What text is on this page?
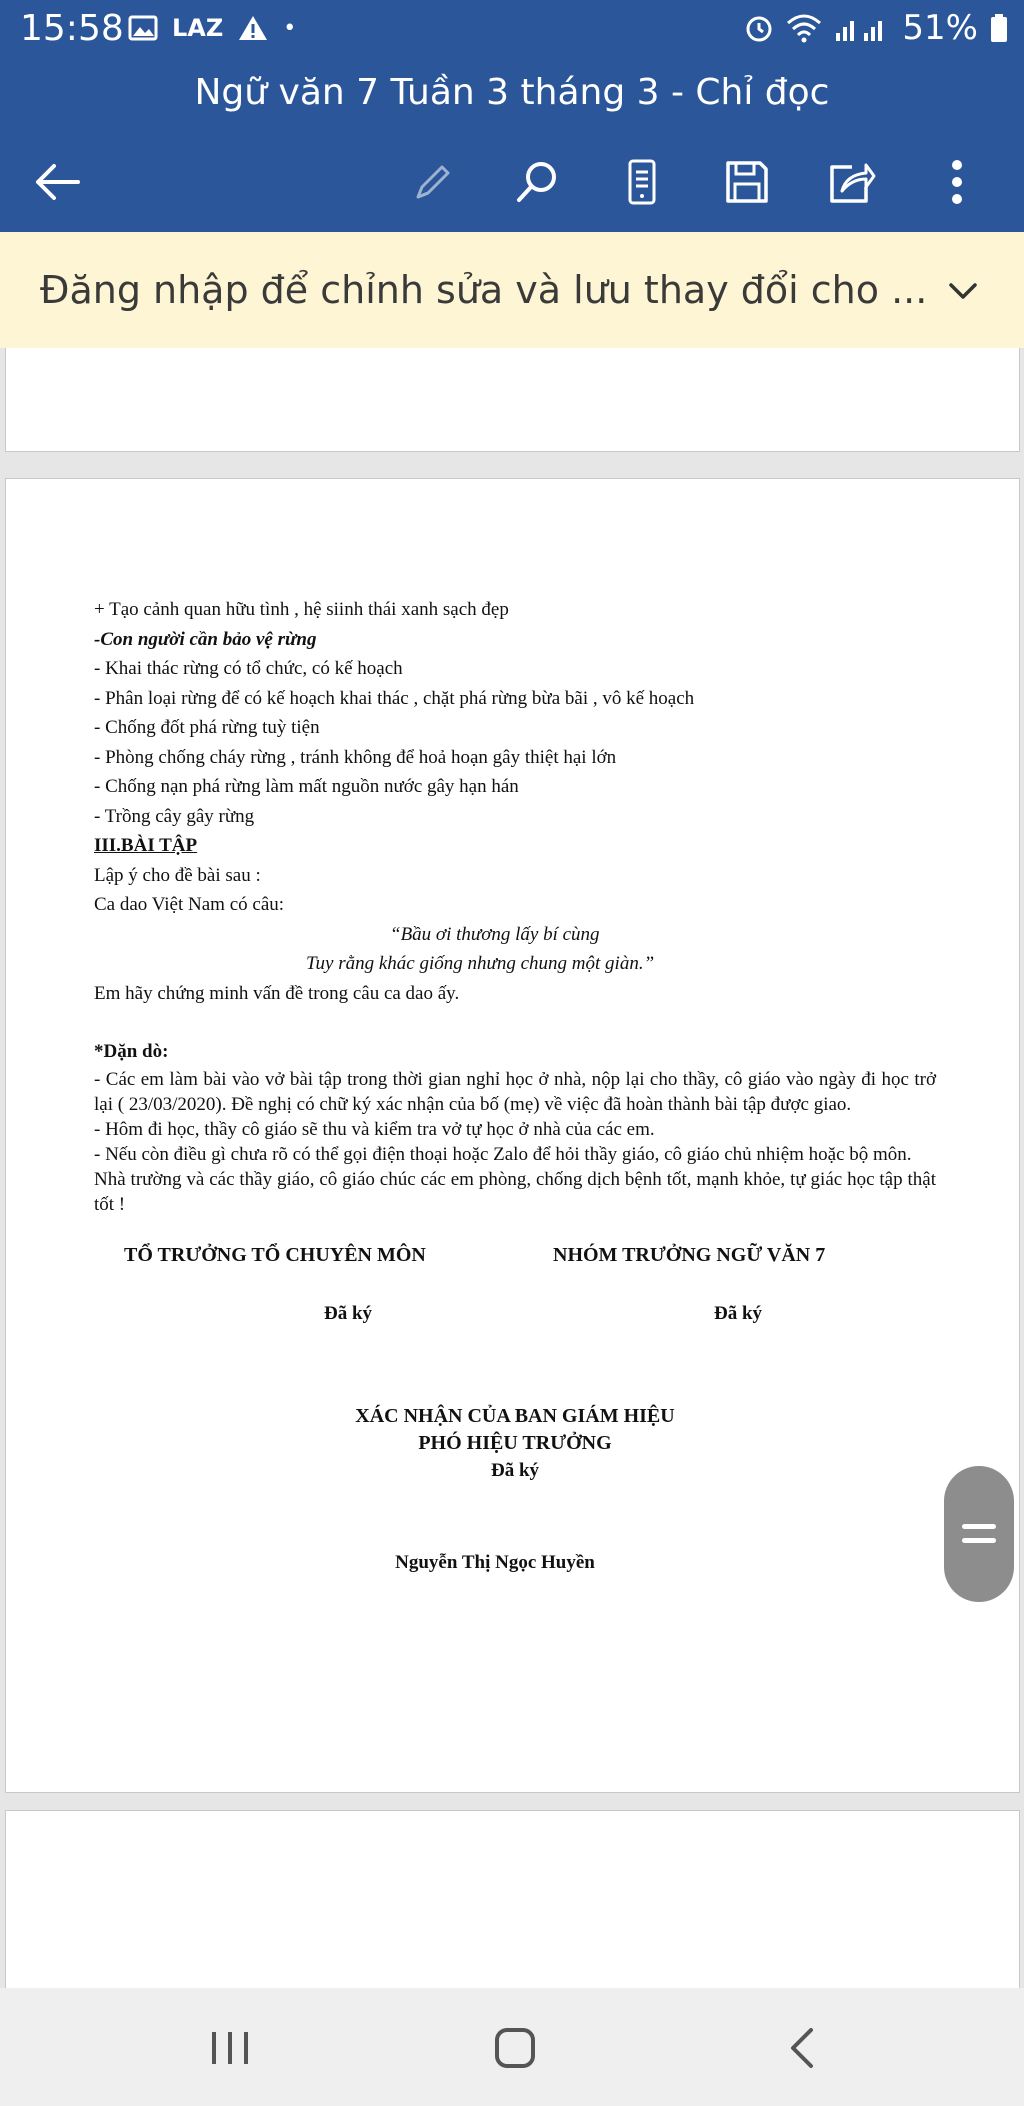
15:58 LAZ	•	51%
Ngữ văn 7 Tuần 3 tháng 3 - Chỉ đọc
Đăng nhập để chỉnh sửa và lưu thay đổi cho ...

+ Tạo cảnh quan hữu tình , hệ siinh thái xanh sạch đẹp

-Con người cần bảo vệ rừng

- Khai thác rừng có tổ chức, có kế hoạch

- Phân loại rừng để có kế hoạch khai thác , chặt phá rừng bừa bãi , vô kế hoạch

- Chống đốt phá rừng tuỳ tiện

- Phòng chống cháy rừng , tránh không để hoả hoạn gây thiệt hại lớn

- Chống nạn phá rừng làm mất nguồn nước gây hạn hán

- Trồng cây gây rừng

III.BÀI TẬP

Lập ý cho đề bài sau :

Ca dao Việt Nam có câu:

“Bầu ơi thương lấy bí cùng

Tuy rằng khác giống nhưng chung một giàn.”

Em hãy chứng minh vấn đề trong câu ca dao ấy.

*Dặn dò:

- Các em làm bài vào vở bài tập trong thời gian nghỉ học ở nhà, nộp lại cho thầy, cô giáo vào ngày đi học trở lại ( 23/03/2020). Đề nghị có chữ ký xác nhận của bố (mẹ) về việc đã hoàn thành bài tập được giao.

- Hôm đi học, thầy cô giáo sẽ thu và kiểm tra vở tự học ở nhà của các em.

- Nếu còn điều gì chưa rõ có thể gọi điện thoại hoặc Zalo để hỏi thầy giáo, cô giáo chủ nhiệm hoặc bộ môn.

Nhà trường và các thầy giáo, cô giáo chúc các em phòng, chống dịch bệnh tốt, mạnh khỏe, tự giác học tập thật tốt !

TỔ TRƯỞNG TỔ CHUYÊN MÔN	NHÓM TRƯỞNG NGỮ VĂN 7
Đã ký	Đã ký

XÁC NHẬN CỦA BAN GIÁM HIỆU

PHÓ HIỆU TRƯỞNG

Đã ký

Nguyễn Thị Ngọc Huyền
